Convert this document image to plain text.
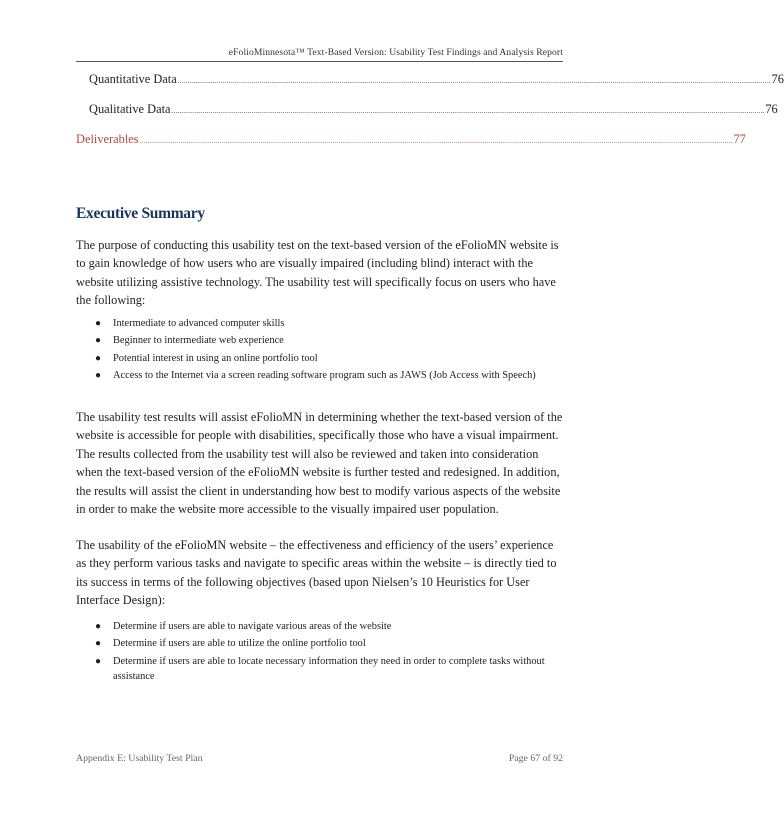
eFolioMinnesota™ Text-Based Version: Usability Test Findings and Analysis Report
Quantitative Data ................................................................................................................................................................................................................................................................................................................ 76
Qualitative Data ................................................................................................................................................................................................................................................................................................................ 76
Deliverables ................................................................................................................................................................................................................................................................................................................ 77
Executive Summary
The purpose of conducting this usability test on the text-based version of the eFolioMN website is to gain knowledge of how users who are visually impaired (including blind) interact with the website utilizing assistive technology. The usability test will specifically focus on users who have the following:
● Intermediate to advanced computer skills
● Beginner to intermediate web experience
● Potential interest in using an online portfolio tool
● Access to the Internet via a screen reading software program such as JAWS (Job Access with Speech)
The usability test results will assist eFolioMN in determining whether the text-based version of the website is accessible for people with disabilities, specifically those who have a visual impairment. The results collected from the usability test will also be reviewed and taken into consideration when the text-based version of the eFolioMN website is further tested and redesigned. In addition, the results will assist the client in understanding how best to modify various aspects of the website in order to make the website more accessible to the visually impaired user population.
The usability of the eFolioMN website – the effectiveness and efficiency of the users’ experience as they perform various tasks and navigate to specific areas within the website – is directly tied to its success in terms of the following objectives (based upon Nielsen’s 10 Heuristics for User Interface Design):
● Determine if users are able to navigate various areas of the website
● Determine if users are able to utilize the online portfolio tool
● Determine if users are able to locate necessary information they need in order to complete tasks without assistance
Appendix E: Usability Test Plan	Page 67 of 92
